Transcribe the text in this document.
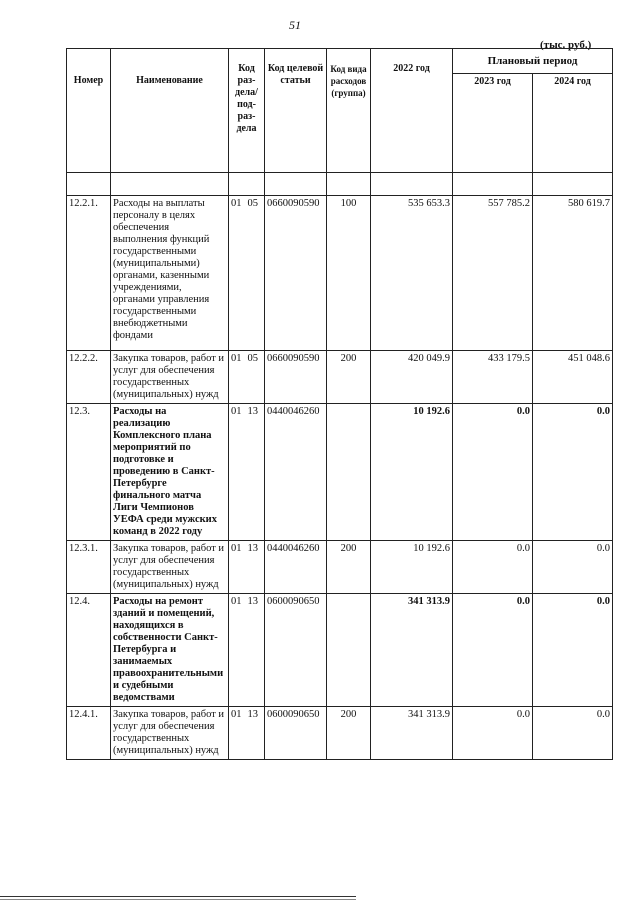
51
(тыс. руб.)
Номер	Наименование	Код раз- дела/ под- раз- дела	Код целевой статьи	Код вида расходов (группа)	2022 год	Плановый период	
						2023 год	2024 год

12.2.1.	Расходы на выплаты персоналу в целях обеспечения выполнения функций государственными (муниципальными) органами, казенными учреждениями, органами управления государственными внебюджетными фондами	01 05	0660090590	100	535 653.3	557 785.2	580 619.7
12.2.2.	Закупка товаров, работ и услуг для обеспечения государственных (муниципальных) нужд	01 05	0660090590	200	420 049.9	433 179.5	451 048.6
12.3.	Расходы на реализацию Комплексного плана мероприятий по подготовке и проведению в Санкт-Петербурге финального матча Лиги Чемпионов УЕФА среди мужских команд в 2022 году	01 13	0440046260		10 192.6	0.0	0.0
12.3.1.	Закупка товаров, работ и услуг для обеспечения государственных (муниципальных) нужд	01 13	0440046260	200	10 192.6	0.0	0.0
12.4.	Расходы на ремонт зданий и помещений, находящихся в собственности Санкт-Петербурга и занимаемых правоохранительными и судебными ведомствами	01 13	0600090650		341 313.9	0.0	0.0
12.4.1.	Закупка товаров, работ и услуг для обеспечения государственных (муниципальных) нужд	01 13	0600090650	200	341 313.9	0.0	0.0
